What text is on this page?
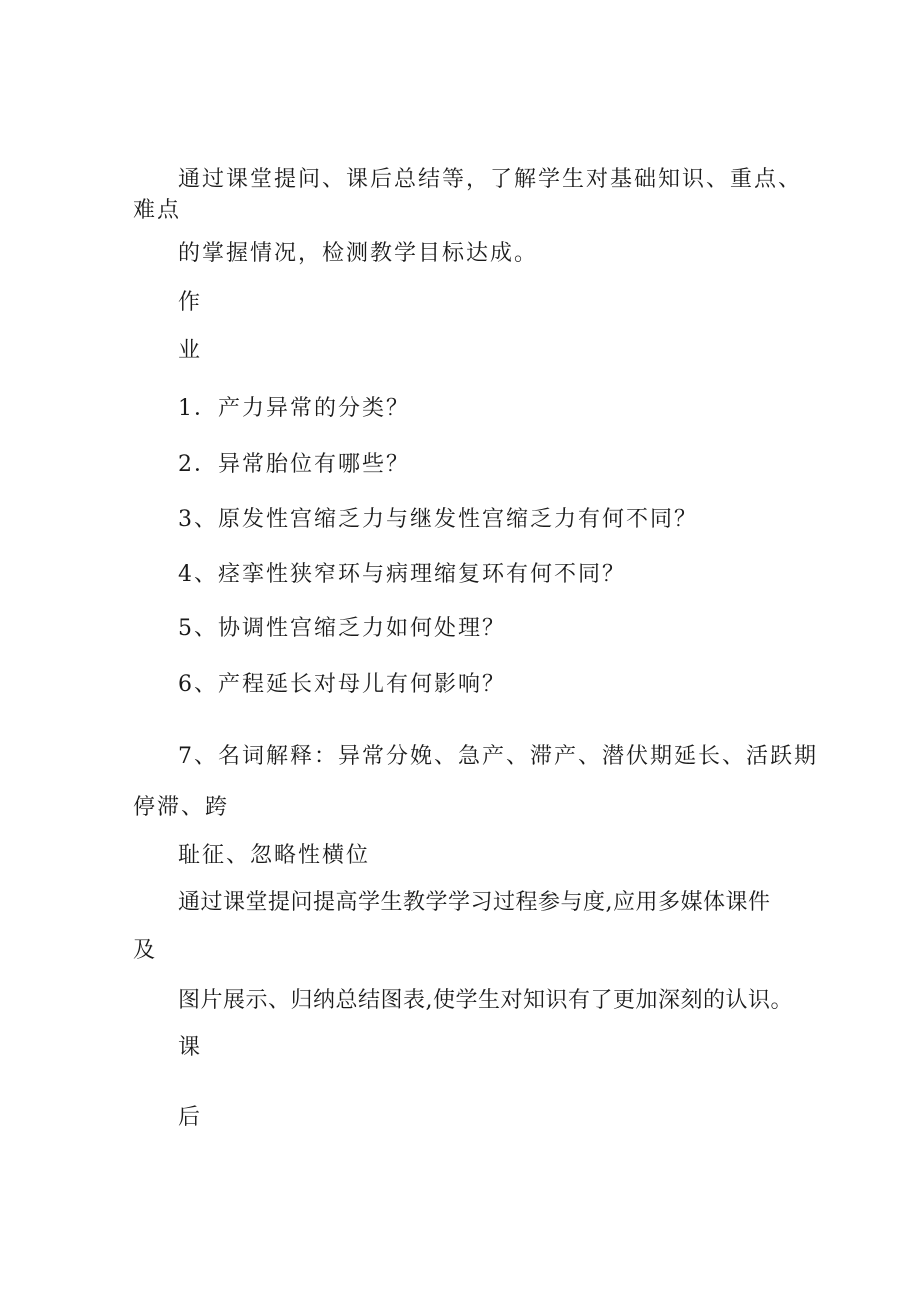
通过课堂提问、课后总结等，了解学生对基础知识、重点、

难点

的掌握情况，检测教学目标达成。

作

业

1．产力异常的分类？

2．异常胎位有哪些？

3、原发性宫缩乏力与继发性宫缩乏力有何不同？

4、痉挛性狭窄环与病理缩复环有何不同？

5、协调性宫缩乏力如何处理？

6、产程延长对母儿有何影响？

7、名词解释：异常分娩、急产、滞产、潜伏期延长、活跃期

停滞、跨

耻征、忽略性横位

通过课堂提问提高学生教学学习过程参与度,应用多媒体课件

及

图片展示、归纳总结图表,使学生对知识有了更加深刻的认识。

课

后
